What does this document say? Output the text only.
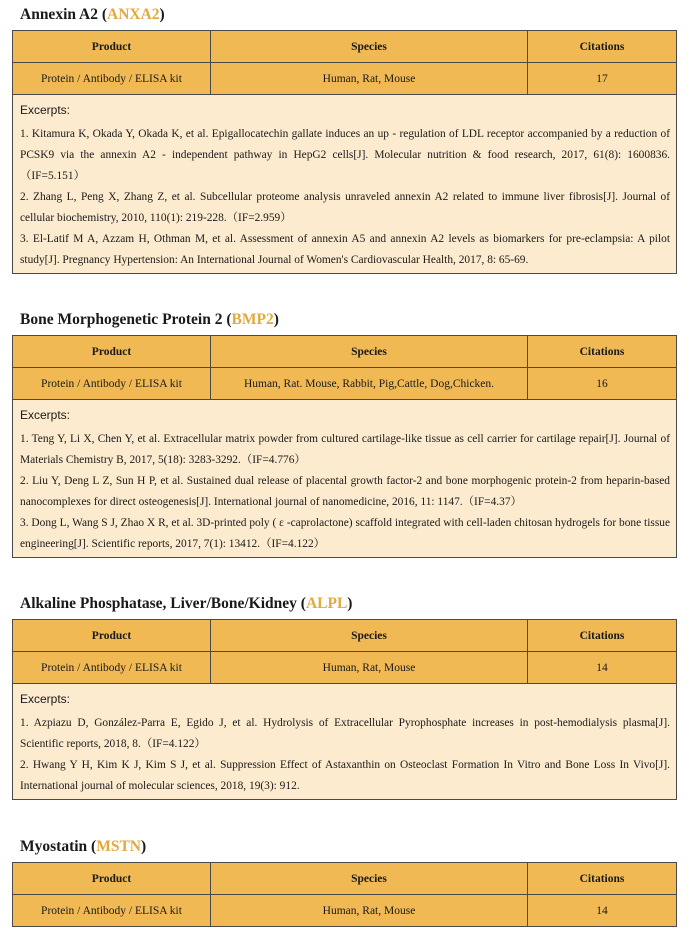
Annexin A2 (ANXA2)
Product	Species	Citations
Protein / Antibody / ELISA kit	Human, Rat, Mouse	17
Excerpts:

1. Kitamura K, Okada Y, Okada K, et al. Epigallocatechin gallate induces an up - regulation of LDL receptor accompanied by a reduction of PCSK9 via the annexin A2 - independent pathway in HepG2 cells[J]. Molecular nutrition & food research, 2017, 61(8): 1600836.（IF=5.151）

2. Zhang L, Peng X, Zhang Z, et al. Subcellular proteome analysis unraveled annexin A2 related to immune liver fibrosis[J]. Journal of cellular biochemistry, 2010, 110(1): 219-228.（IF=2.959）

3. El-Latif M A, Azzam H, Othman M, et al. Assessment of annexin A5 and annexin A2 levels as biomarkers for pre-eclampsia: A pilot study[J]. Pregnancy Hypertension: An International Journal of Women's Cardiovascular Health, 2017, 8: 65-69.

Bone Morphogenetic Protein 2 (BMP2)
Product	Species	Citations
Protein / Antibody / ELISA kit	Human, Rat. Mouse, Rabbit, Pig,Cattle, Dog,Chicken.	16
Excerpts:

1. Teng Y, Li X, Chen Y, et al. Extracellular matrix powder from cultured cartilage-like tissue as cell carrier for cartilage repair[J]. Journal of Materials Chemistry B, 2017, 5(18): 3283-3292.（IF=4.776）

2. Liu Y, Deng L Z, Sun H P, et al. Sustained dual release of placental growth factor-2 and bone morphogenic protein-2 from heparin-based nanocomplexes for direct osteogenesis[J]. International journal of nanomedicine, 2016, 11: 1147.（IF=4.37）

3. Dong L, Wang S J, Zhao X R, et al. 3D-printed poly ( ε -caprolactone) scaffold integrated with cell-laden chitosan hydrogels for bone tissue engineering[J]. Scientific reports, 2017, 7(1): 13412.（IF=4.122）

Alkaline Phosphatase, Liver/Bone/Kidney (ALPL)
Product	Species	Citations
Protein / Antibody / ELISA kit	Human, Rat, Mouse	14
Excerpts:

1. Azpiazu D, González-Parra E, Egido J, et al. Hydrolysis of Extracellular Pyrophosphate increases in post-hemodialysis plasma[J]. Scientific reports, 2018, 8.（IF=4.122）

2. Hwang Y H, Kim K J, Kim S J, et al. Suppression Effect of Astaxanthin on Osteoclast Formation In Vitro and Bone Loss In Vivo[J]. International journal of molecular sciences, 2018, 19(3): 912.

Myostatin (MSTN)
Product	Species	Citations
Protein / Antibody / ELISA kit	Human, Rat, Mouse	14
